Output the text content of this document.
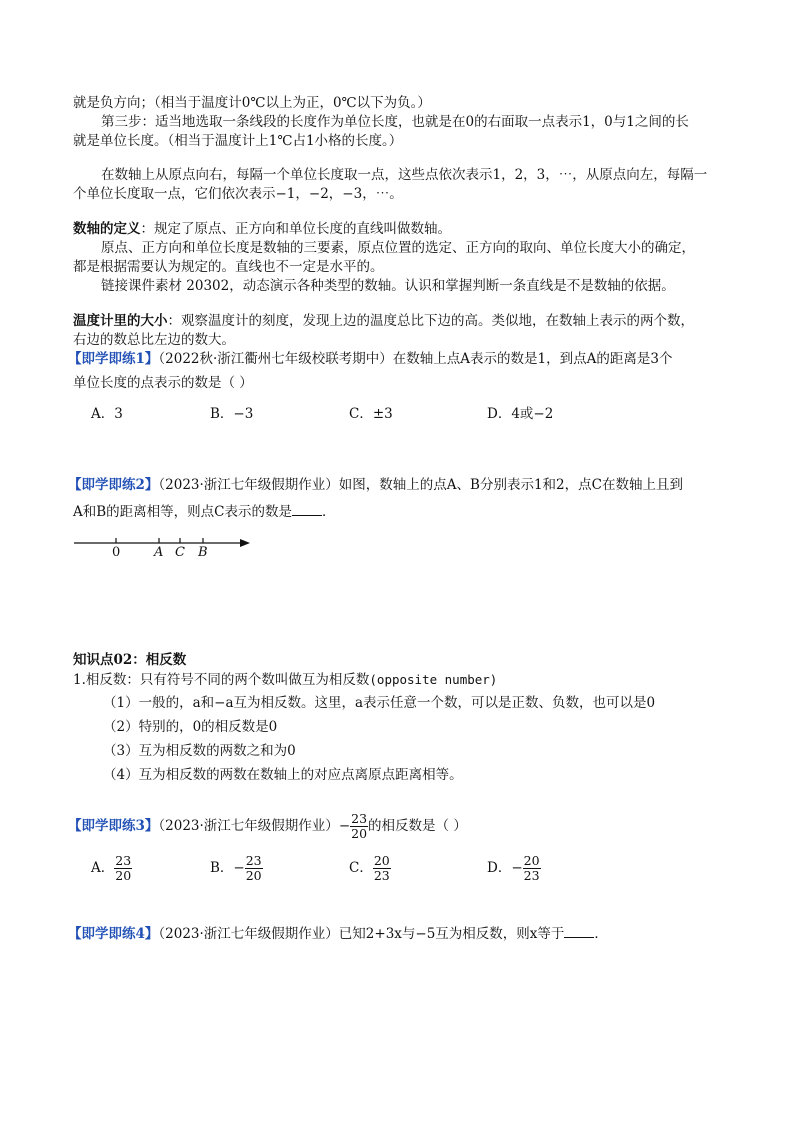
就是负方向；（相当于温度计0℃以上为正，0℃以下为负。）
第三步：适当地选取一条线段的长度作为单位长度，也就是在0的右面取一点表示1，0与1之间的长
就是单位长度。（相当于温度计上1℃占1小格的长度。）
在数轴上从原点向右，每隔一个单位长度取一点，这些点依次表示1，2，3，⋯，从原点向左，每隔一
个单位长度取一点，它们依次表示−1，−2，−3，⋯。
数轴的定义：规定了原点、正方向和单位长度的直线叫做数轴。
原点、正方向和单位长度是数轴的三要素，原点位置的选定、正方向的取向、单位长度大小的确定，
都是根据需要认为规定的。直线也不一定是水平的。
链接课件素材 20302，动态演示各种类型的数轴。认识和掌握判断一条直线是不是数轴的依据。
温度计里的大小：观察温度计的刻度，发现上边的温度总比下边的高。类似地，在数轴上表示的两个数，
右边的数总比左边的数大。
【即学即练1】（2022秋·浙江衢州七年级校联考期中）在数轴上点A表示的数是1，到点A的距离是3个
单位长度的点表示的数是（ ）
A．3	B．−3	C．±3	D．4或−2
【即学即练2】（2023·浙江七年级假期作业）如图，数轴上的点A、B分别表示1和2，点C在数轴上且到
A和B的距离相等，则点C表示的数是 ．
0	A C B
知识点02：相反数
1.相反数：只有符号不同的两个数叫做互为相反数(opposite number)
（1）一般的，a和−a互为相反数。这里，a表示任意一个数，可以是正数、负数，也可以是0
（2）特别的，0的相反数是0
（3）互为相反数的两数之和为0
（4）互为相反数的两数在数轴上的对应点离原点距离相等。
【即学即练3】（2023·浙江七年级假期作业）− $\frac{23}{20}$ 的相反数是（ ）
A． $\frac{23}{20}$	B．− $\frac{23}{20}$	C． $\frac{20}{23}$	D．− $\frac{20}{23}$
【即学即练4】（2023·浙江七年级假期作业）已知2+3x与−5互为相反数，则x等于 ．
